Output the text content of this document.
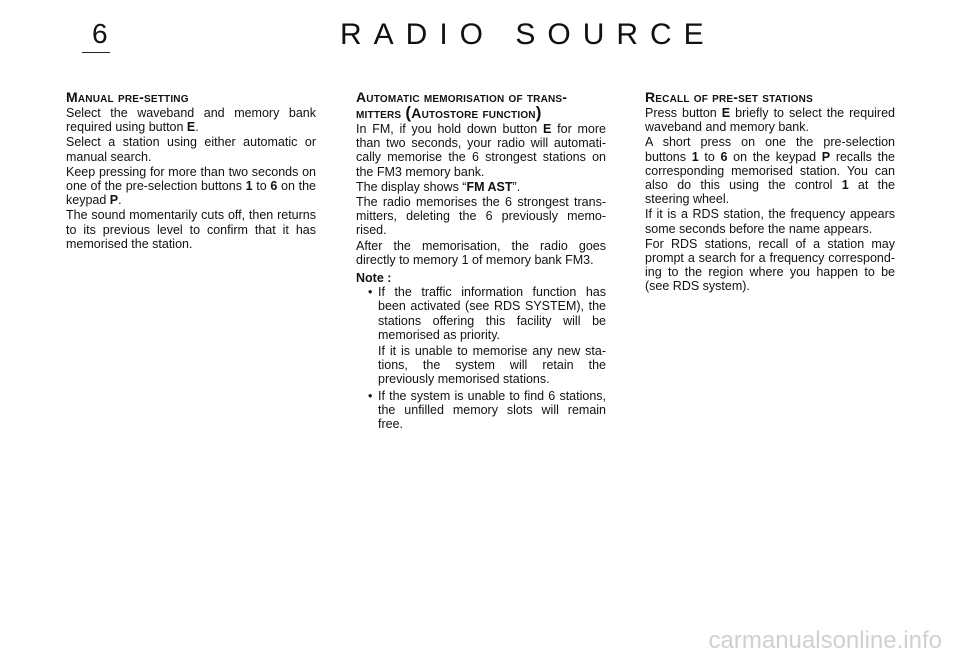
6	RADIO SOURCE
Manual pre-setting

Select the waveband and memory bank required using button E.

Select a station using either automatic or manual search.

Keep pressing for more than two seconds on one of the pre-selection buttons 1 to 6 on the keypad P.

The sound momentarily cuts off, then returns to its previous level to confirm that it has memorised the station.

Automatic memorisation of trans-
mitters (Autostore function)

In FM, if you hold down button E for more than two seconds, your radio will automati-cally memorise the 6 strongest stations on the FM3 memory bank.

The display shows “FM AST”.

The radio memorises the 6 strongest trans-mitters, deleting the 6 previously memo-rised.

After the memorisation, the radio goes directly to memory 1 of memory bank FM3.

Note :

• If the traffic information function has been activated (see RDS SYSTEM), the stations offering this facility will be memorised as priority.

If it is unable to memorise any new sta-tions, the system will retain the previously memorised stations.

• If the system is unable to find 6 stations, the unfilled memory slots will remain free.

Recall of pre-set stations

Press button E briefly to select the required waveband and memory bank.

A short press on one the pre-selection buttons 1 to 6 on the keypad P recalls the corresponding memorised station. You can also do this using the control 1 at the steering wheel.

If it is a RDS station, the frequency appears some seconds before the name appears.

For RDS stations, recall of a station may prompt a search for a frequency correspond-ing to the region where you happen to be (see RDS system).

carmanualsonline.info
